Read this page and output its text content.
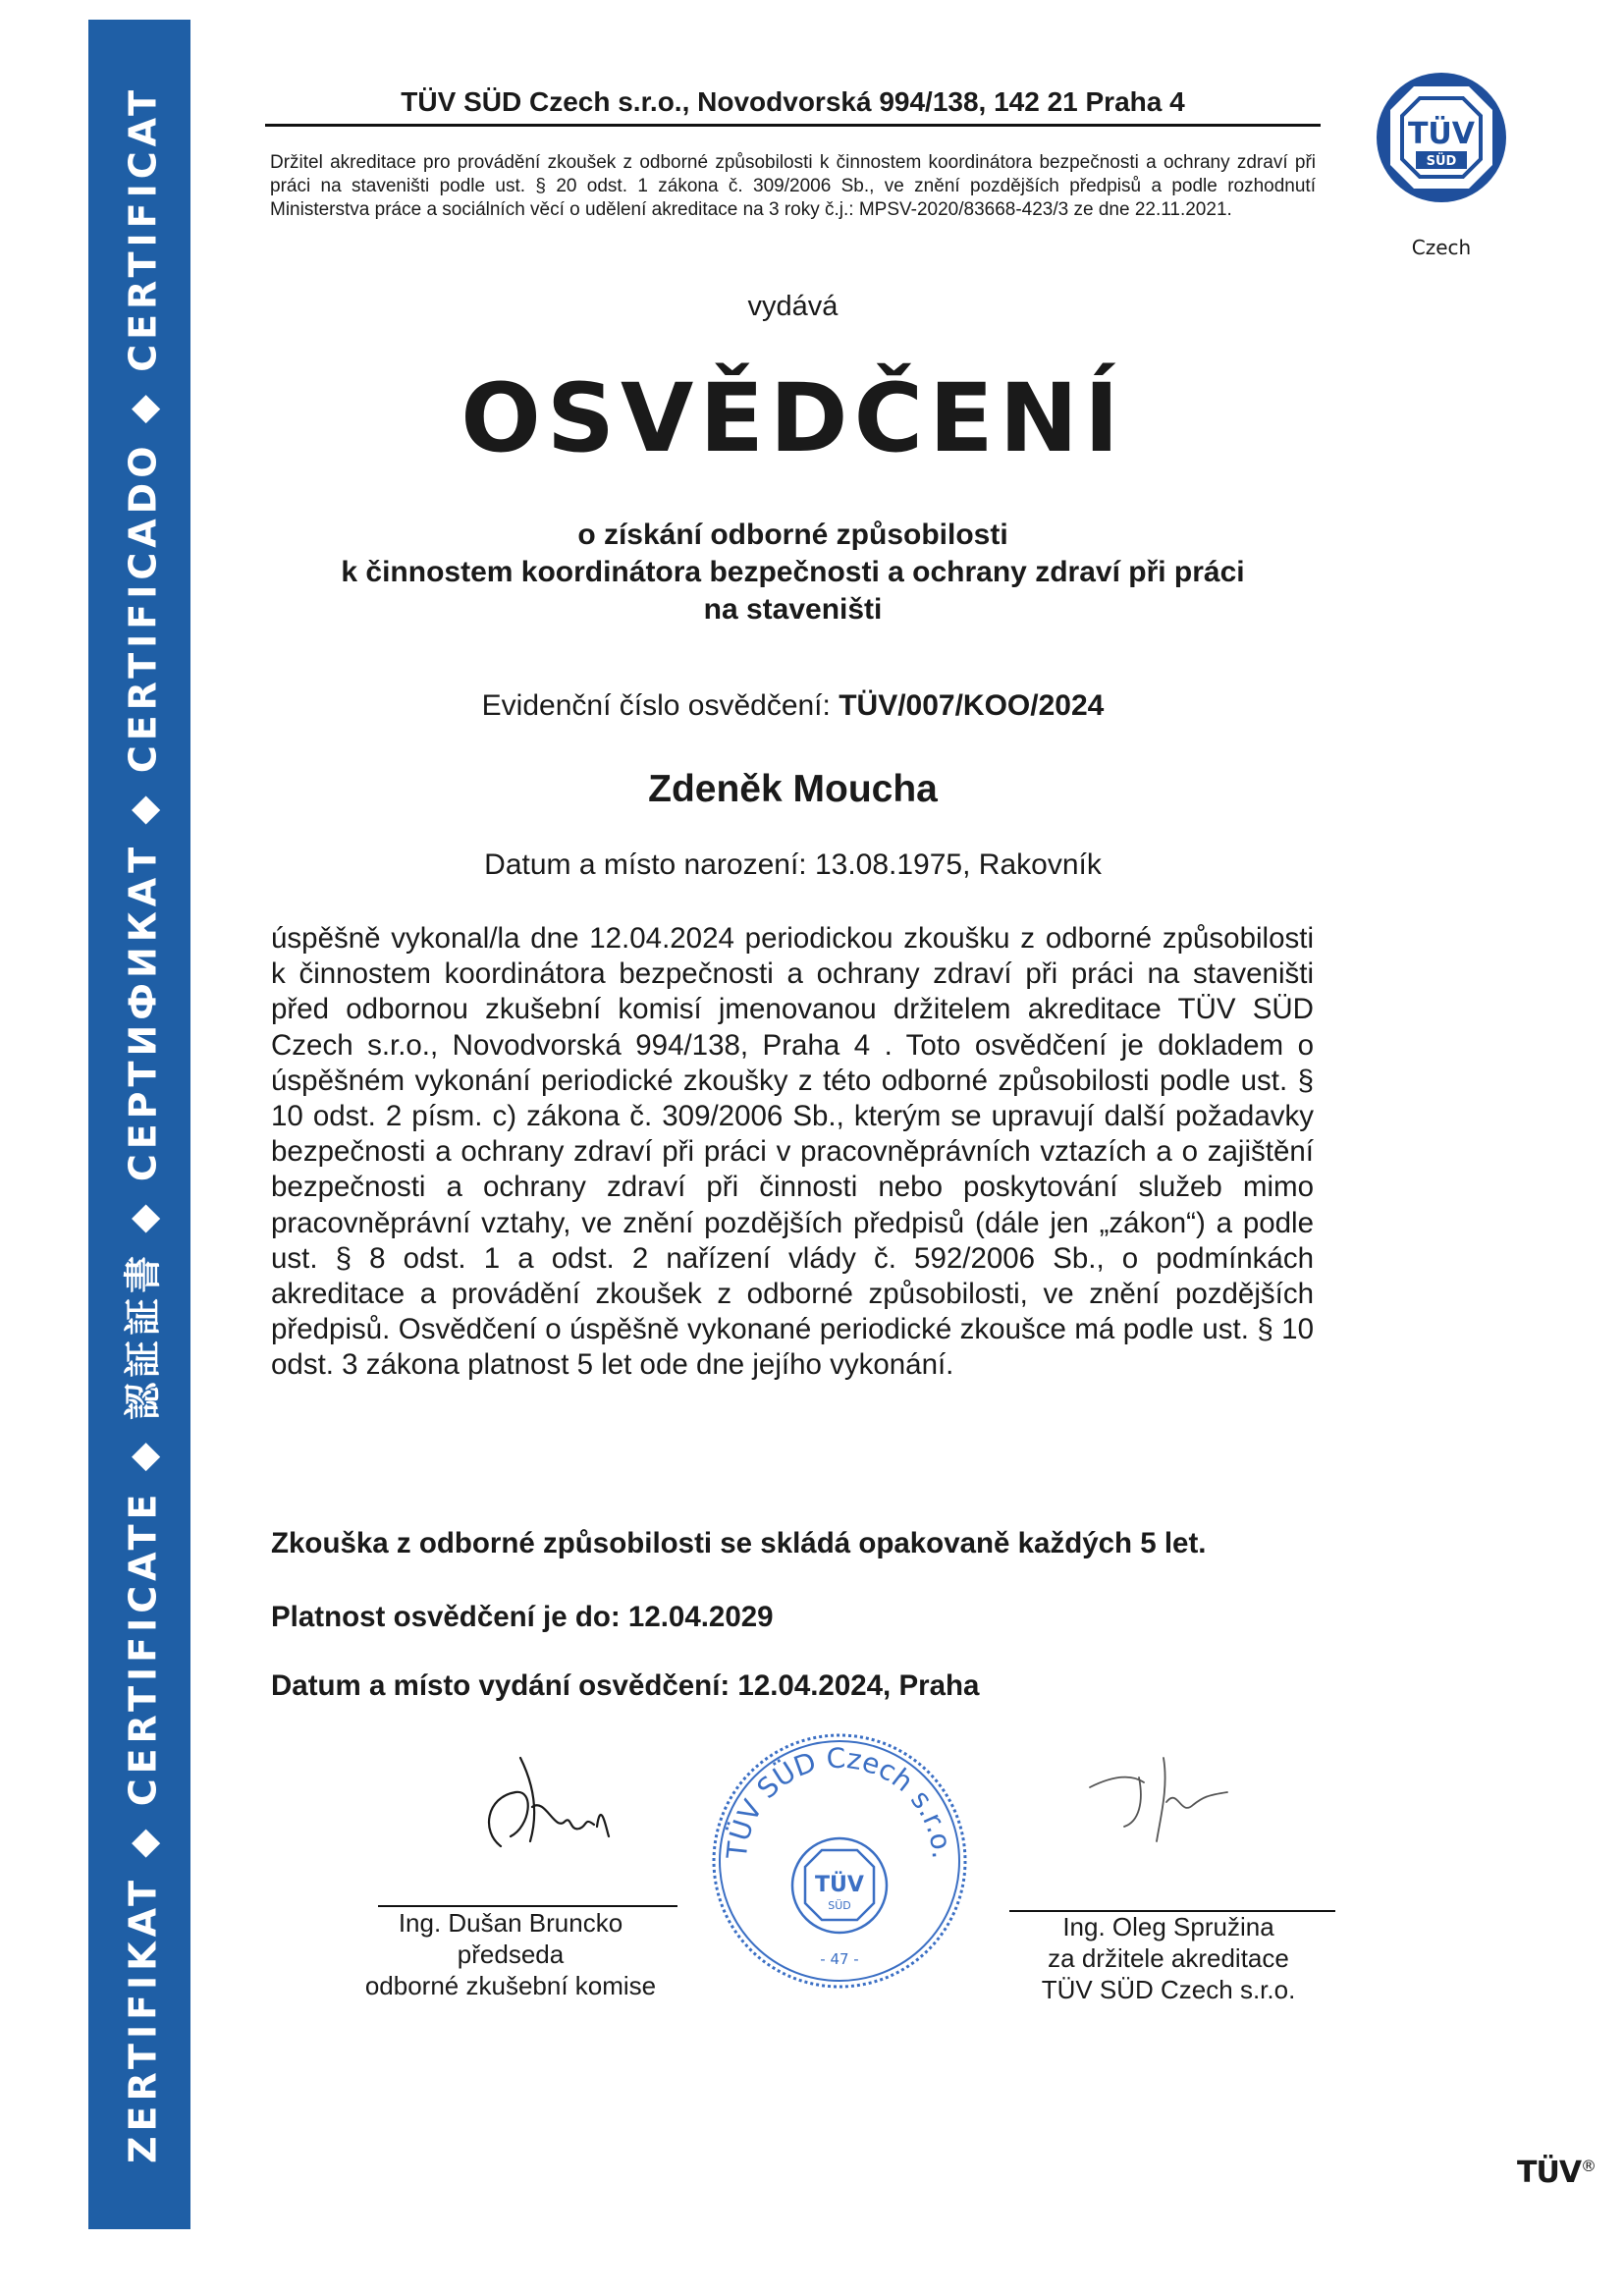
ZERTIFIKAT ◆ CERTIFICATE ◆ 認証証書 ◆ СЕРТИФИКАТ ◆ CERTIFICADO ◆ CERTIFICAT	TÜV SÜD Czech s.r.o., Novodvorská 994/138, 142 21 Praha 4
Držitel akreditace pro provádění zkoušek z odborné způsobilosti k činnostem koordinátora bezpečnosti a ochrany zdraví při práci na staveništi podle ust. § 20 odst. 1 zákona č. 309/2006 Sb., ve znění pozdějších předpisů a podle rozhodnutí Ministerstva práce a sociálních věcí o udělení akreditace na 3 roky č.j.: MPSV-2020/83668-423/3 ze dne 22.11.2021.
TÜV
SÜD
Czech
vydává
OSVĚDČENÍ
o získání odborné způsobilosti
k činnostem koordinátora bezpečnosti a ochrany zdraví při práci
na staveništi
Evidenční číslo osvědčení: TÜV/007/KOO/2024
Zdeněk Moucha
Datum a místo narození: 13.08.1975, Rakovník
úspěšně vykonal/la dne 12.04.2024 periodickou zkoušku z odborné způsobilosti k činnostem koordinátora bezpečnosti a ochrany zdraví při práci na staveništi před odbornou zkušební komisí jmenovanou držitelem akreditace TÜV SÜD Czech s.r.o., Novodvorská 994/138, Praha 4 . Toto osvědčení je dokladem o úspěšném vykonání periodické zkoušky z této odborné způsobilosti podle ust. § 10 odst. 2 písm. c) zákona č. 309/2006 Sb., kterým se upravují další požadavky bezpečnosti a ochrany zdraví při práci v pracovněprávních vztazích a o zajištění bezpečnosti a ochrany zdraví při činnosti nebo poskytování služeb mimo pracovněprávní vztahy, ve znění pozdějších předpisů (dále jen „zákon“) a podle ust. § 8 odst. 1 a odst. 2 nařízení vlády č. 592/2006 Sb., o podmínkách akreditace a provádění zkoušek z odborné způsobilosti, ve znění pozdějších předpisů. Osvědčení o úspěšně vykonané periodické zkoušce má podle ust. § 10 odst. 3 zákona platnost 5 let ode dne jejího vykonání.
Zkouška z odborné způsobilosti se skládá opakovaně každých 5 let.
Platnost osvědčení je do: 12.04.2029
Datum a místo vydání osvědčení: 12.04.2024, Praha
Ing. Dušan Bruncko
předseda
odborné zkušební komise
TÜV SÜD Czech s.r.o.
TÜV
SÜD
- 47 -
Ing. Oleg Spružina
za držitele akreditace
TÜV SÜD Czech s.r.o.
TÜV®
